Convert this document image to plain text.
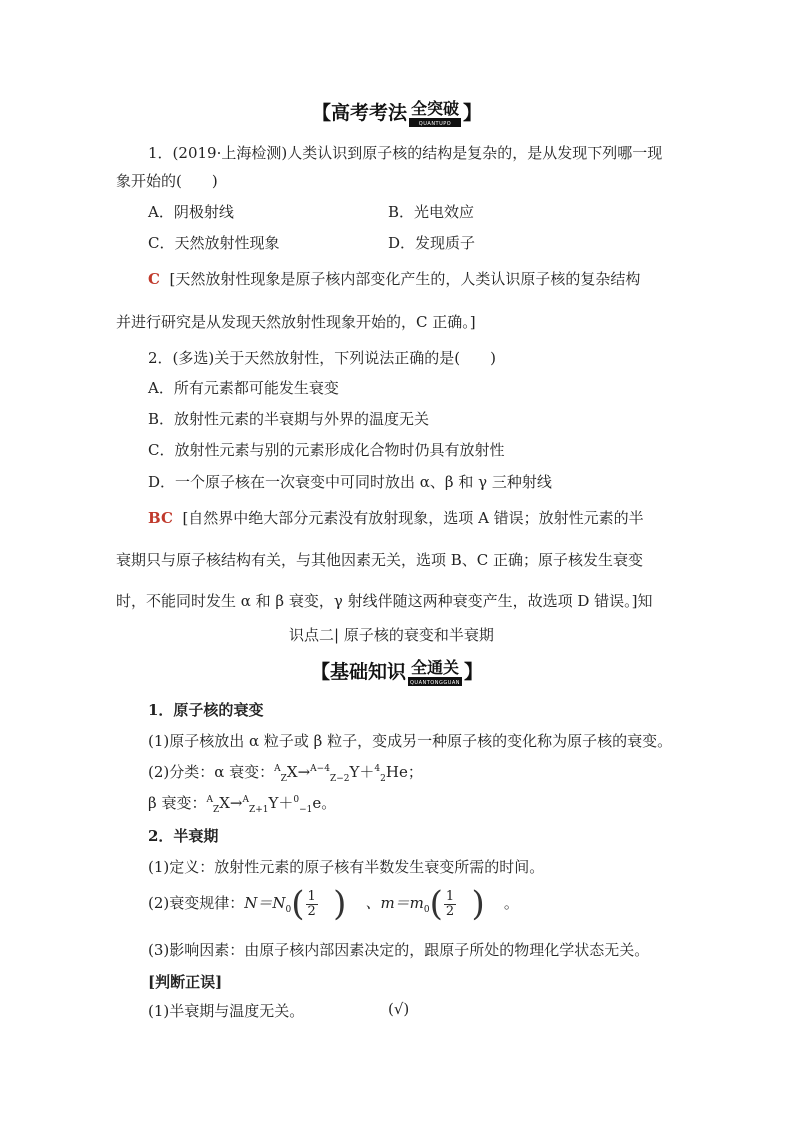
【高考考法 全突破
QUANTUPO 】
1．(2019·上海检测)人类认识到原子核的结构是复杂的，是从发现下列哪一现
象开始的(　　)
A．阴极射线	B．光电效应
C．天然放射性现象	D．发现质子
C [天然放射性现象是原子核内部变化产生的，人类认识原子核的复杂结构
并进行研究是从发现天然放射性现象开始的，C 正确。]
2．(多选)关于天然放射性，下列说法正确的是(　　)
A．所有元素都可能发生衰变
B．放射性元素的半衰期与外界的温度无关
C．放射性元素与别的元素形成化合物时仍具有放射性
D．一个原子核在一次衰变中可同时放出 α、β 和 γ 三种射线
BC [自然界中绝大部分元素没有放射现象，选项 A 错误；放射性元素的半
衰期只与原子核结构有关，与其他因素无关，选项 B、C 正确；原子核发生衰变
时，不能同时发生 α 和 β 衰变，γ 射线伴随这两种衰变产生，故选项 D 错误。]知
识点二| 原子核的衰变和半衰期
【基础知识 全通关
QUANTONGGUAN 】
1．原子核的衰变
(1)原子核放出 α 粒子或 β 粒子，变成另一种原子核的变化称为原子核的衰变。
(2)分类：α 衰变：$^A_Z$X→$^{A-4}_{Z-2}$Y＋$^4_2$He；
β 衰变：$^A_Z$X→$^A_{Z+1}$Y＋$^0_{-1}$e。
2．半衰期
(1)定义：放射性元素的原子核有半数发生衰变所需的时间。
(2)衰变规律：$N=N_0( \frac{1}{2}$ ) 、$m=m_0( \frac{1}{2}$ ) 。
(3)影响因素：由原子核内部因素决定的，跟原子所处的物理化学状态无关。
[判断正误]
(1)半衰期与温度无关。	(√)
